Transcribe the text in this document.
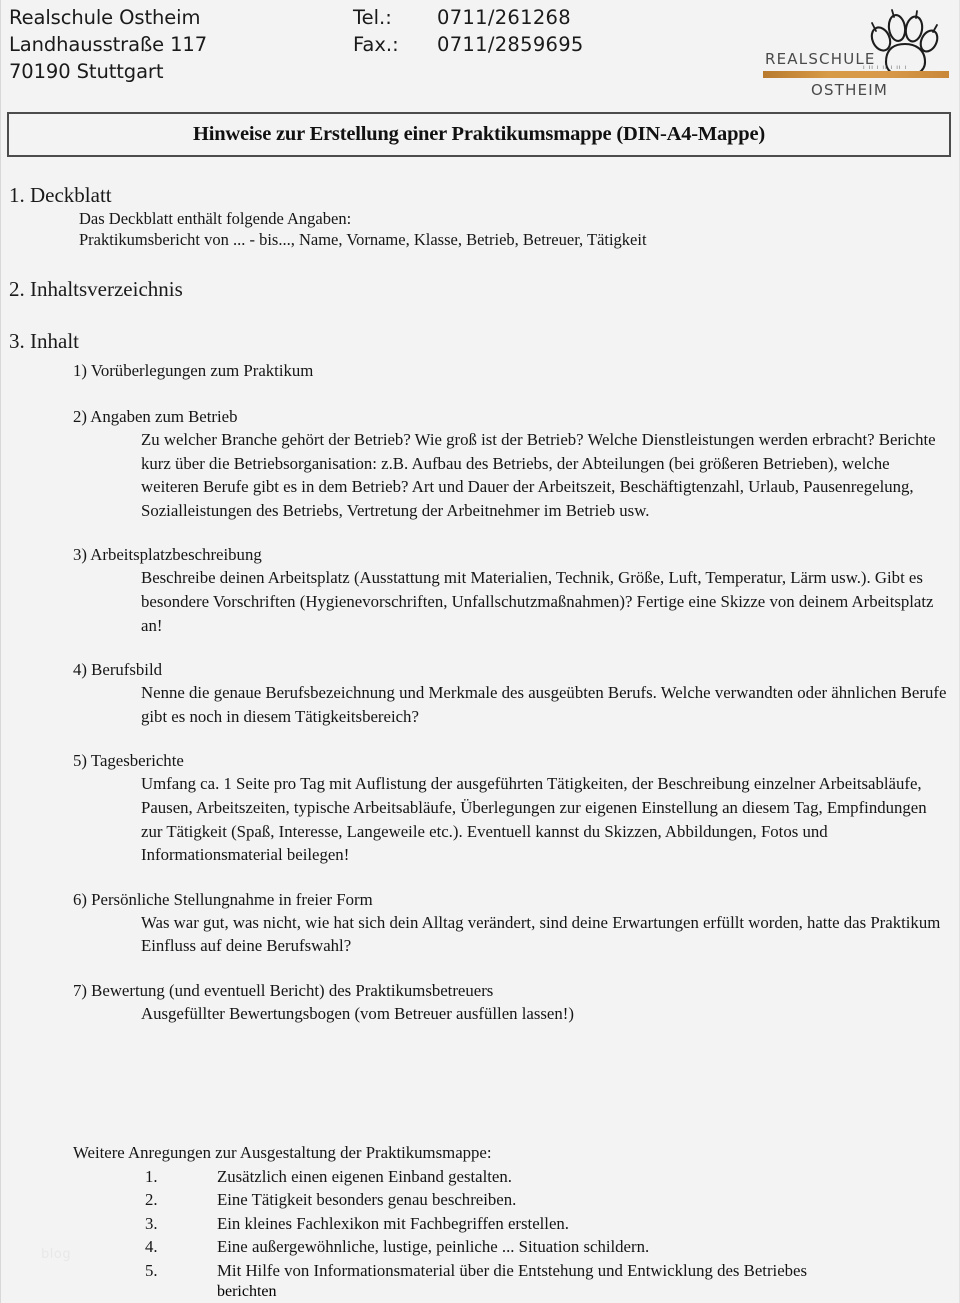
Realschule Ostheim
Landhausstraße 117
70190 Stuttgart
Tel.:	0711/261268
Fax.:	0711/2859695
ı ıı ı ıı ı ıı ı
REALSCHULE
OSTHEIM
Hinweise zur Erstellung einer Praktikumsmappe (DIN-A4-Mappe)
1. Deckblatt
Das Deckblatt enthält folgende Angaben:
Praktikumsbericht von ... - bis..., Name, Vorname, Klasse, Betrieb, Betreuer, Tätigkeit
2. Inhaltsverzeichnis
3. Inhalt
1) Vorüberlegungen zum Praktikum
2) Angaben zum Betrieb
Zu welcher Branche gehört der Betrieb? Wie groß ist der Betrieb? Welche Dienstleistungen werden erbracht? Berichte kurz über die Betriebsorganisation: z.B. Aufbau des Betriebs, der Abteilungen (bei größeren Betrieben), welche weiteren Berufe gibt es in dem Betrieb? Art und Dauer der Arbeitszeit, Beschäftigtenzahl, Urlaub, Pausenregelung, Sozialleistungen des Betriebs, Vertretung der Arbeitnehmer im Betrieb usw.
3) Arbeitsplatzbeschreibung
Beschreibe deinen Arbeitsplatz (Ausstattung mit Materialien, Technik, Größe, Luft, Temperatur, Lärm usw.). Gibt es besondere Vorschriften (Hygienevorschriften, Unfallschutzmaßnahmen)? Fertige eine Skizze von deinem Arbeitsplatz an!
4) Berufsbild
Nenne die genaue Berufsbezeichnung und Merkmale des ausgeübten Berufs. Welche verwandten oder ähnlichen Berufe gibt es noch in diesem Tätigkeitsbereich?
5) Tagesberichte
Umfang ca. 1 Seite pro Tag mit Auflistung der ausgeführten Tätigkeiten, der Beschreibung einzelner Arbeitsabläufe, Pausen, Arbeitszeiten, typische Arbeitsabläufe, Überlegungen zur eigenen Einstellung an diesem Tag, Empfindungen zur Tätigkeit (Spaß, Interesse, Langeweile etc.). Eventuell kannst du Skizzen, Abbildungen, Fotos und Informationsmaterial beilegen!
6) Persönliche Stellungnahme in freier Form
Was war gut, was nicht, wie hat sich dein Alltag verändert, sind deine Erwartungen erfüllt worden, hatte das Praktikum Einfluss auf deine Berufswahl?
7) Bewertung (und eventuell Bericht) des Praktikumsbetreuers
Ausgefüllter Bewertungsbogen (vom Betreuer ausfüllen lassen!)
Weitere Anregungen zur Ausgestaltung der Praktikumsmappe:
1.	Zusätzlich einen eigenen Einband gestalten.
2.	Eine Tätigkeit besonders genau beschreiben.
3.	Ein kleines Fachlexikon mit Fachbegriffen erstellen.
4.	Eine außergewöhnliche, lustige, peinliche ... Situation schildern.
5.	Mit Hilfe von Informationsmaterial über die Entstehung und Entwicklung des Betriebes
berichten
blog
